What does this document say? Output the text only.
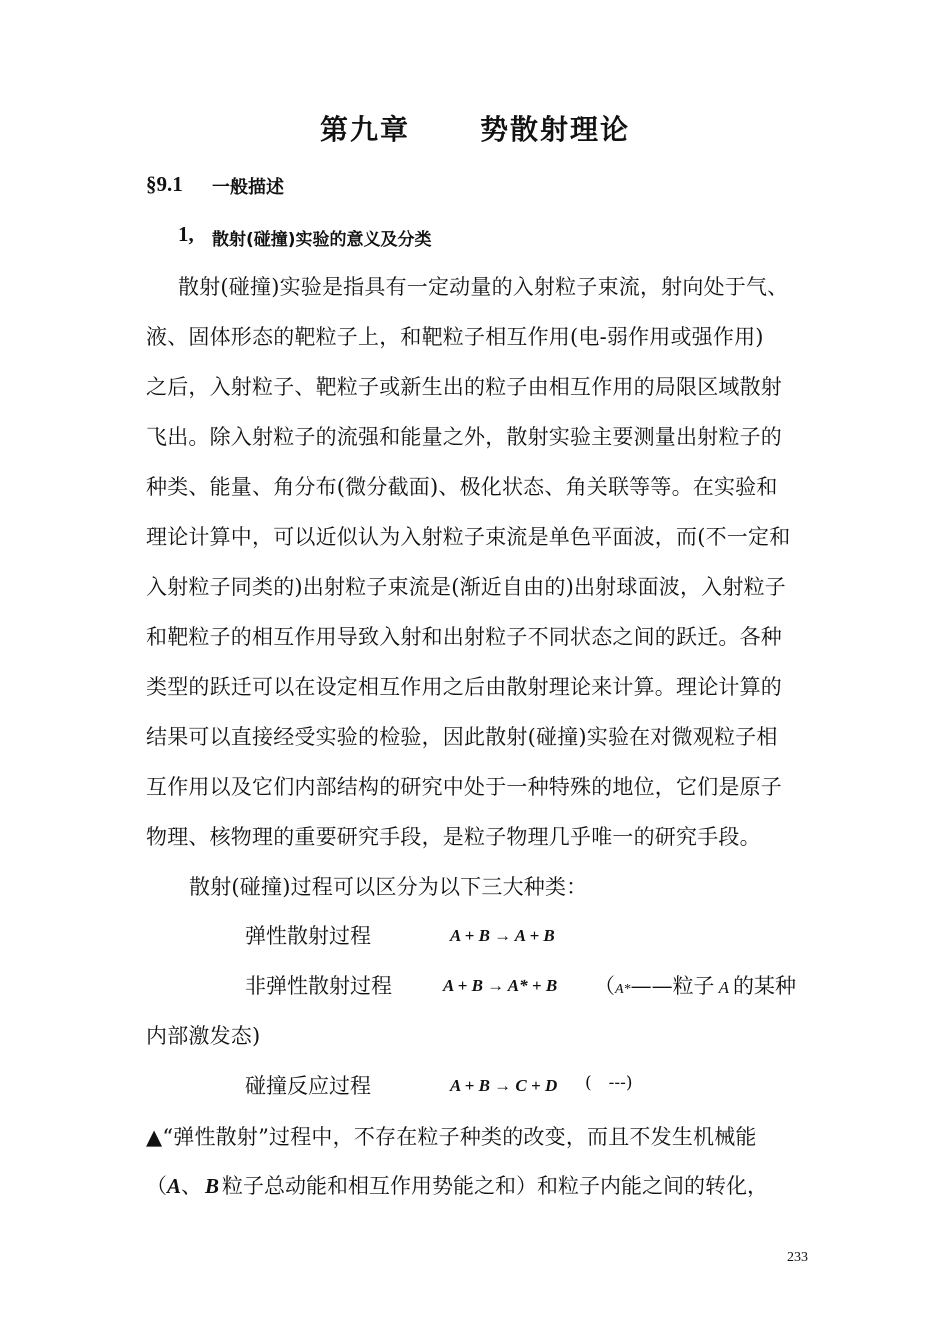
第九章	势散射理论
§9.1 一般描述
1, 散射(碰撞)实验的意义及分类
散射(碰撞)实验是指具有一定动量的入射粒子束流，射向处于气、
液、固体形态的靶粒子上，和靶粒子相互作用(电-弱作用或强作用)
之后，入射粒子、靶粒子或新生出的粒子由相互作用的局限区域散射
飞出。除入射粒子的流强和能量之外，散射实验主要测量出射粒子的
种类、能量、角分布(微分截面)、极化状态、角关联等等。在实验和
理论计算中，可以近似认为入射粒子束流是单色平面波，而(不一定和
入射粒子同类的)出射粒子束流是(渐近自由的)出射球面波，入射粒子
和靶粒子的相互作用导致入射和出射粒子不同状态之间的跃迁。各种
类型的跃迁可以在设定相互作用之后由散射理论来计算。理论计算的
结果可以直接经受实验的检验，因此散射(碰撞)实验在对微观粒子相
互作用以及它们内部结构的研究中处于一种特殊的地位，它们是原子
物理、核物理的重要研究手段，是粒子物理几乎唯一的研究手段。
散射(碰撞)过程可以区分为以下三大种类：
弹性散射过程	A + B → A + B
非弹性散射过程	A + B → A* + B （A*——粒子 A 的某种
内部激发态)
碰撞反应过程	A + B → C + D (　---)
▲“弹性散射”过程中，不存在粒子种类的改变，而且不发生机械能
（A、 B 粒子总动能和相互作用势能之和）和粒子内能之间的转化，
233
